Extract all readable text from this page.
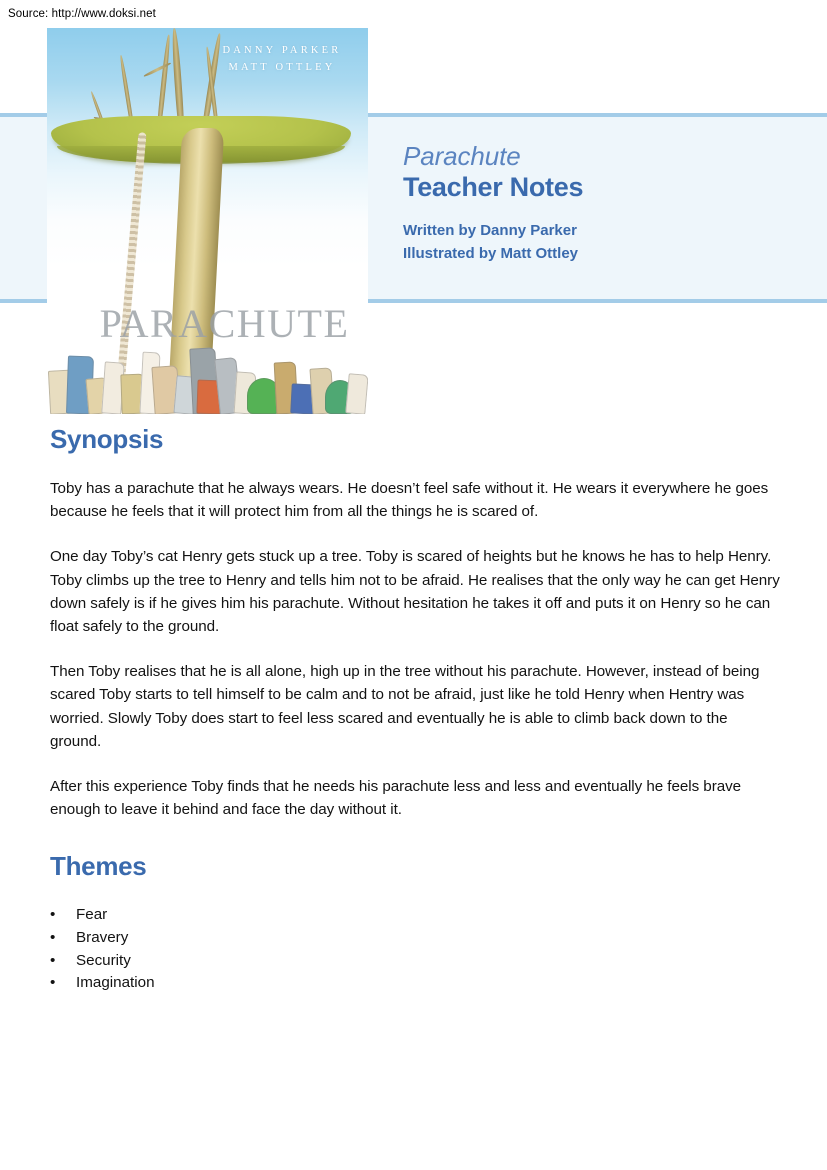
Source: http://www.doksi.net
DANNY PARKER
MATT OTTLEY
PARACHUTE
Parachute
Teacher Notes
Written by Danny Parker
Illustrated by Matt Ottley
Synopsis

Toby has a parachute that he always wears. He doesn’t feel safe without it. He wears it everywhere he goes because he feels that it will protect him from all the things he is scared of.

One day Toby’s cat Henry gets stuck up a tree. Toby is scared of heights but he knows he has to help Henry. Toby climbs up the tree to Henry and tells him not to be afraid. He realises that the only way he can get Henry down safely is if he gives him his parachute. Without hesitation he takes it off and puts it on Henry so he can float safely to the ground.

Then Toby realises that he is all alone, high up in the tree without his parachute. However, instead of being scared Toby starts to tell himself to be calm and to not be afraid, just like he told Henry when Hentry was worried. Slowly Toby does start to feel less scared and eventually he is able to climb back down to the ground.

After this experience Toby finds that he needs his parachute less and less and eventually he feels brave enough to leave it behind and face the day without it.

Themes
• Fear
• Bravery
• Security
• Imagination
